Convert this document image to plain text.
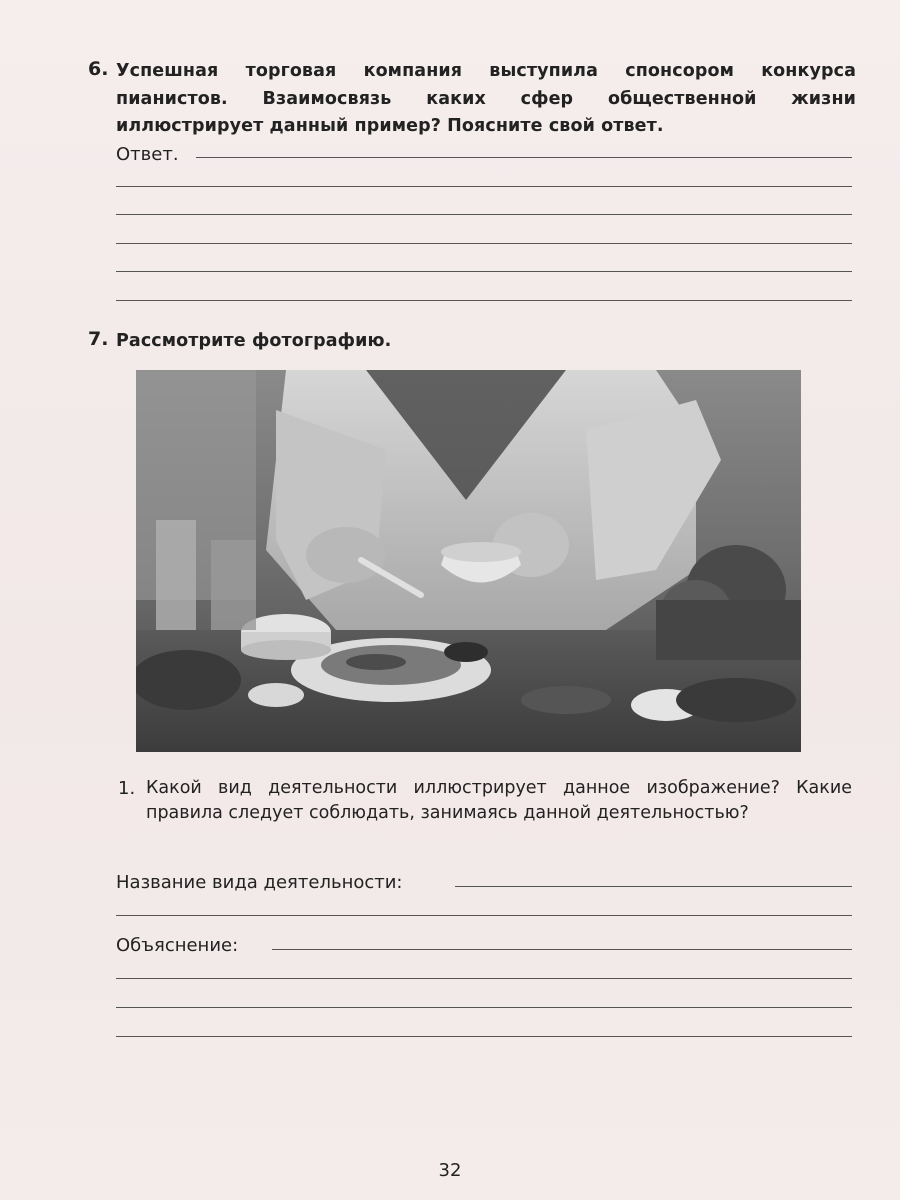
6. Успешная торговая компания выступила спонсором конкурса пианистов. Взаимосвязь каких сфер общественной жизни иллюстрирует данный пример? Поясните свой ответ.
Ответ.
7. Рассмотрите фотографию.
1. Какой вид деятельности иллюстрирует данное изображение? Какие правила следует соблюдать, занимаясь данной деятельностью?
Название вида деятельности:
Объяснение:
32
